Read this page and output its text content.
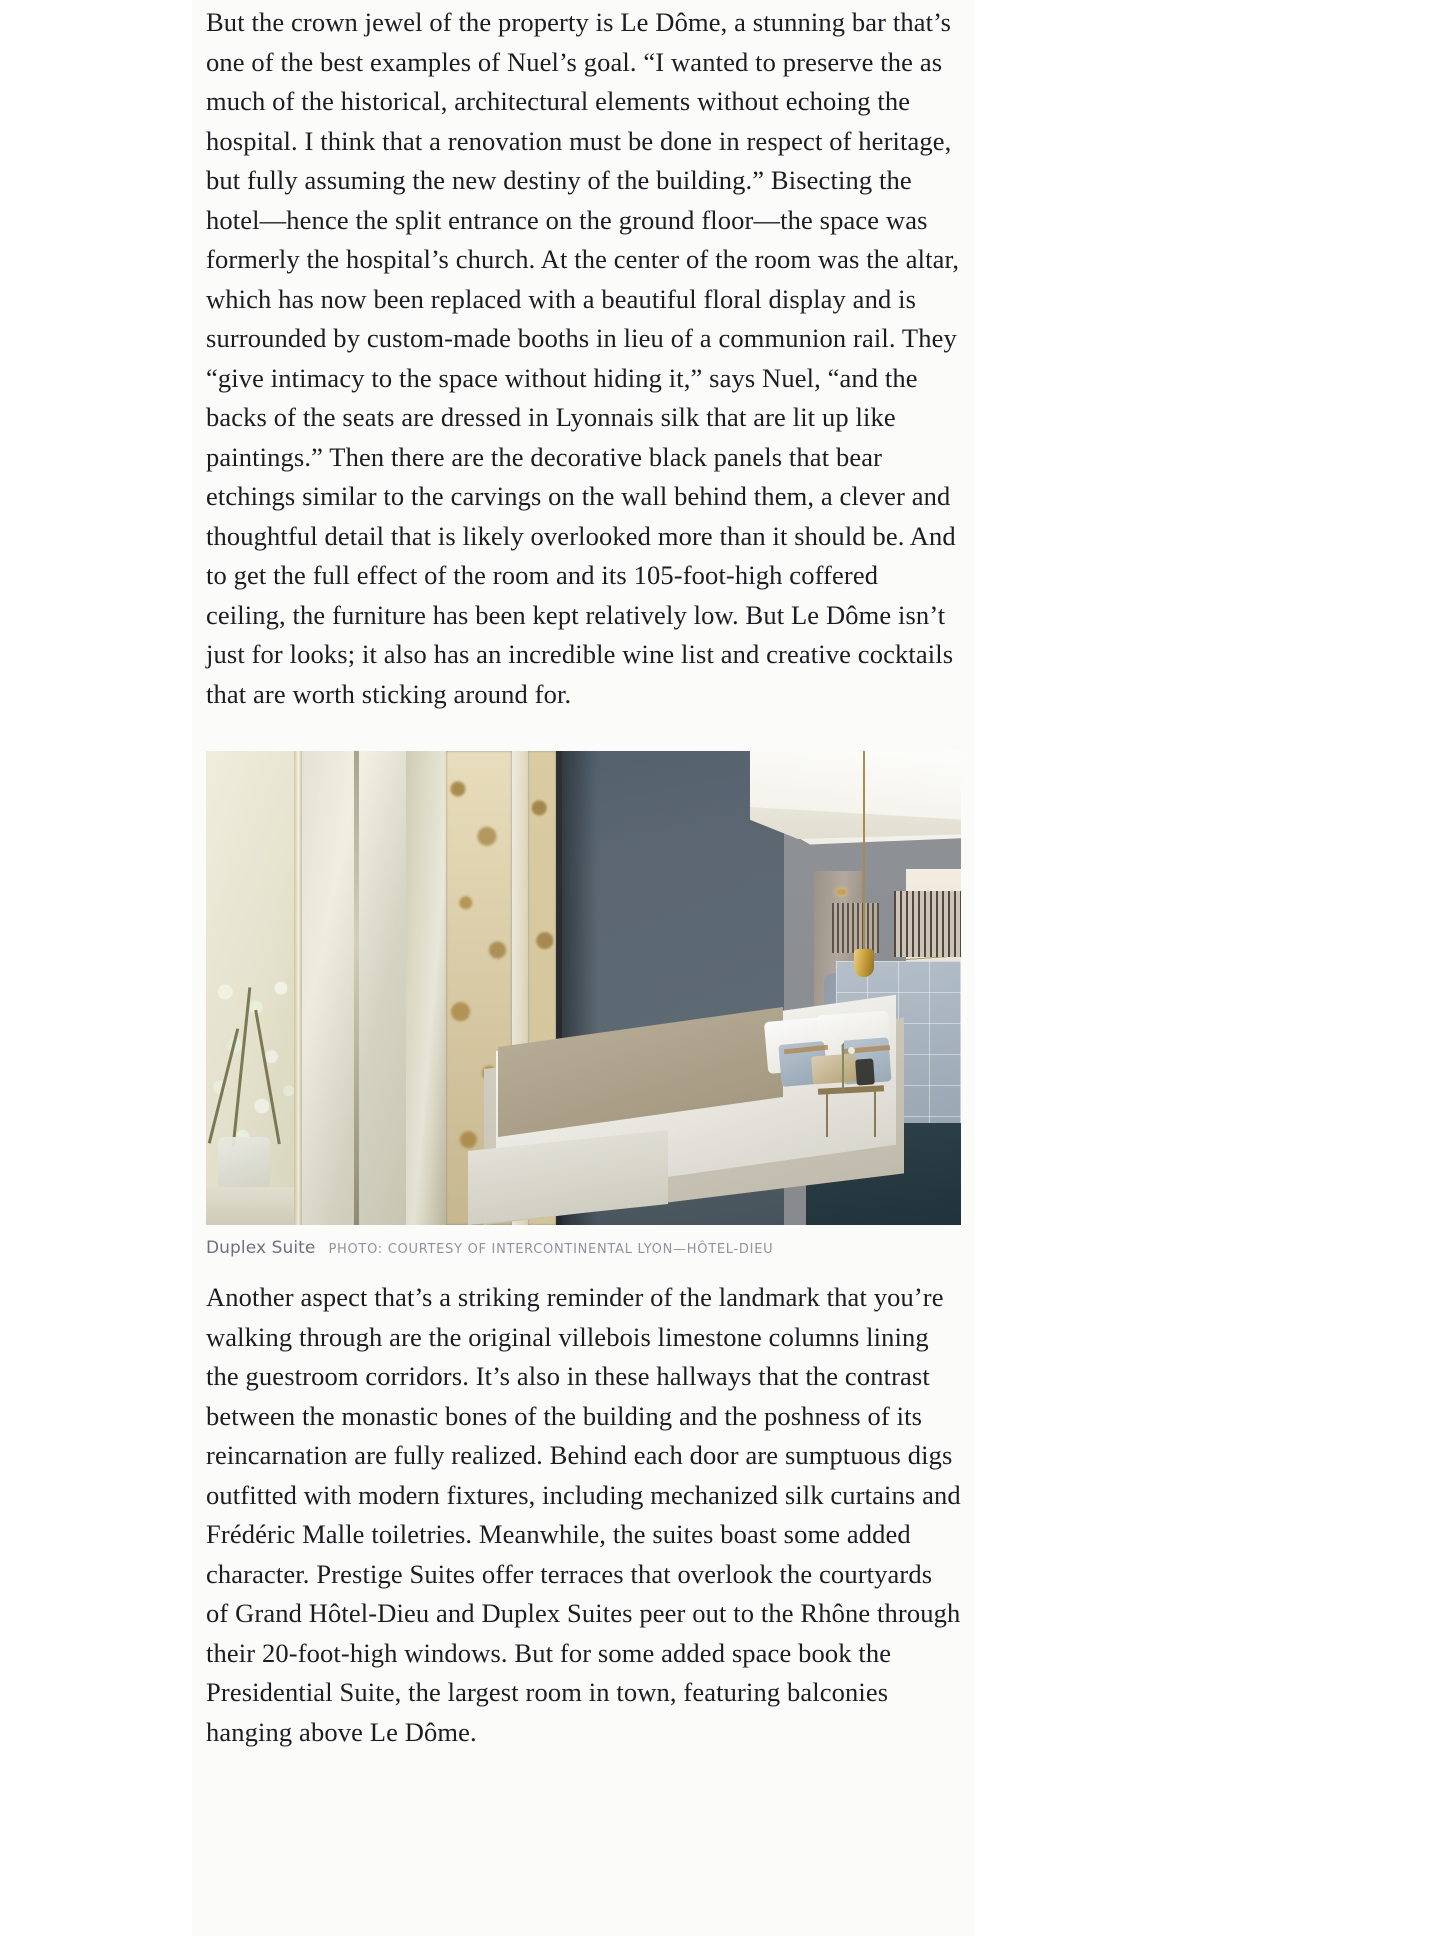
But the crown jewel of the property is Le Dôme, a stunning bar that’s one of the best examples of Nuel’s goal. “I wanted to preserve the as much of the historical, architectural elements without echoing the hospital. I think that a renovation must be done in respect of heritage, but fully assuming the new destiny of the building.” Bisecting the hotel—hence the split entrance on the ground floor—the space was formerly the hospital’s church. At the center of the room was the altar, which has now been replaced with a beautiful floral display and is surrounded by custom-made booths in lieu of a communion rail. They “give intimacy to the space without hiding it,” says Nuel, “and the backs of the seats are dressed in Lyonnais silk that are lit up like paintings.” Then there are the decorative black panels that bear etchings similar to the carvings on the wall behind them, a clever and thoughtful detail that is likely overlooked more than it should be. And to get the full effect of the room and its 105-foot-high coffered ceiling, the furniture has been kept relatively low. But Le Dôme isn’t just for looks; it also has an incredible wine list and creative cocktails that are worth sticking around for.

Duplex Suite PHOTO: COURTESY OF INTERCONTINENTAL LYON—HÔTEL-DIEU

Another aspect that’s a striking reminder of the landmark that you’re walking through are the original villebois limestone columns lining the guestroom corridors. It’s also in these hallways that the contrast between the monastic bones of the building and the poshness of its reincarnation are fully realized. Behind each door are sumptuous digs outfitted with modern fixtures, including mechanized silk curtains and Frédéric Malle toiletries. Meanwhile, the suites boast some added character. Prestige Suites offer terraces that overlook the courtyards of Grand Hôtel-Dieu and Duplex Suites peer out to the Rhône through their 20-foot-high windows. But for some added space book the Presidential Suite, the largest room in town, featuring balconies hanging above Le Dôme.
